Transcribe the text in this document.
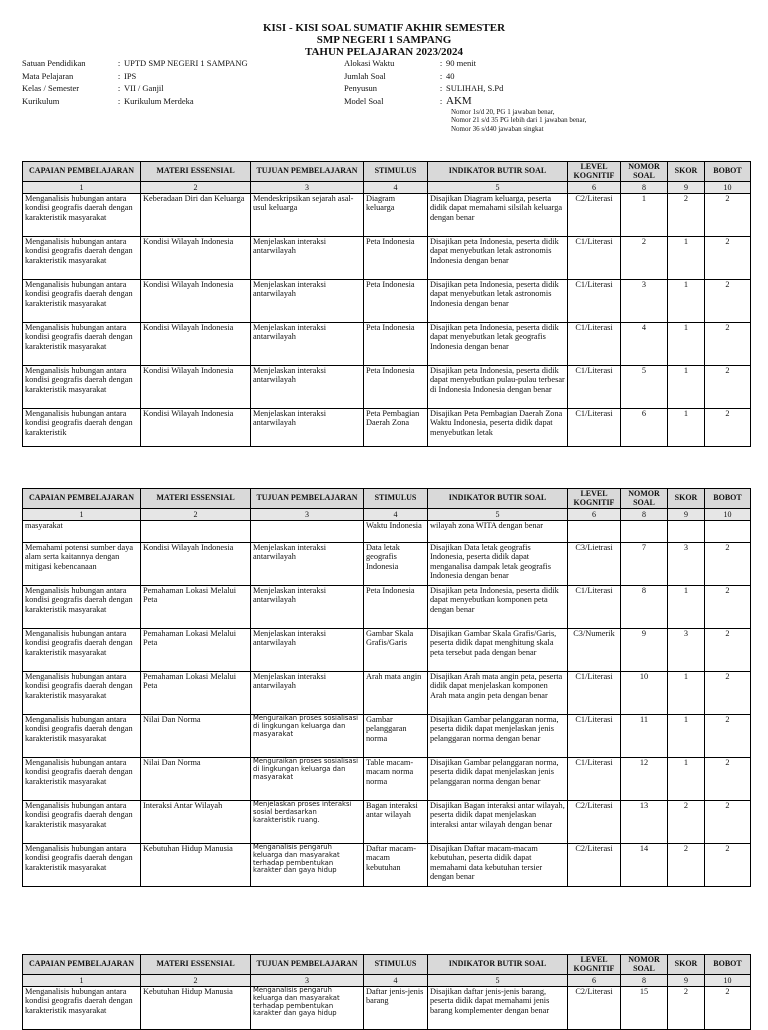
KISI - KISI SOAL SUMATIF AKHIR SEMESTER
SMP NEGERI 1 SAMPANG
TAHUN PELAJARAN 2023/2024
Satuan Pendidikan	: UPTD SMP NEGERI 1 SAMPANG
Mata Pelajaran	: IPS
Kelas / Semester	: VII / Ganjil
Kurikulum	: Kurikulum Merdeka
Alokasi Waktu	: 90 menit
Jumlah Soal	: 40
Penyusun	: SULIHAH, S.Pd
Model Soal	: AKM
Nomor 1s/d 20, PG 1 jawaban benar,
Nomor 21 s/d 35 PG lebih dari 1 jawaban benar,
Nomor 36 s/d40 jawaban singkat
CAPAIAN PEMBELAJARAN	MATERI ESSENSIAL	TUJUAN PEMBELAJARAN	STIMULUS	INDIKATOR BUTIR SOAL	LEVEL KOGNITIF	NOMOR SOAL	SKOR	BOBOT
1	2	3	4	5	6	8	9	10
Menganalisis hubungan antara kondisi geografis daerah dengan karakteristik masyarakat	Keberadaan Diri dan Keluarga	Mendeskripsikan sejarah asal-usul keluarga	Diagram keluarga	Disajikan Diagram keluarga, peserta didik dapat memahami silsilah keluarga dengan benar	C2/Literasi	1	2	2
Menganalisis hubungan antara kondisi geografis daerah dengan karakteristik masyarakat	Kondisi Wilayah Indonesia	Menjelaskan interaksi antarwilayah	Peta Indonesia	Disajikan peta Indonesia, peserta didik dapat menyebutkan letak astronomis Indonesia dengan benar	C1/Literasi	2	1	2
Menganalisis hubungan antara kondisi geografis daerah dengan karakteristik masyarakat	Kondisi Wilayah Indonesia	Menjelaskan interaksi antarwilayah	Peta Indonesia	Disajikan peta Indonesia, peserta didik dapat menyebutkan letak astronomis Indonesia dengan benar	C1/Literasi	3	1	2
Menganalisis hubungan antara kondisi geografis daerah dengan karakteristik masyarakat	Kondisi Wilayah Indonesia	Menjelaskan interaksi antarwilayah	Peta Indonesia	Disajikan peta Indonesia, peserta didik dapat menyebutkan letak geografis Indonesia dengan benar	C1/Literasi	4	1	2
Menganalisis hubungan antara kondisi geografis daerah dengan karakteristik masyarakat	Kondisi Wilayah Indonesia	Menjelaskan interaksi antarwilayah	Peta Indonesia	Disajikan peta Indonesia, peserta didik dapat menyebutkan pulau-pulau terbesar di Indonesia Indonesia dengan benar	C1/Literasi	5	1	2
Menganalisis hubungan antara kondisi geografis daerah dengan karakteristik	Kondisi Wilayah Indonesia	Menjelaskan interaksi antarwilayah	Peta Pembagian Daerah Zona	Disajikan Peta Pembagian Daerah Zona Waktu Indonesia, peserta didik dapat menyebutkan letak	C1/Literasi	6	1	2
CAPAIAN PEMBELAJARAN	MATERI ESSENSIAL	TUJUAN PEMBELAJARAN	STIMULUS	INDIKATOR BUTIR SOAL	LEVEL KOGNITIF	NOMOR SOAL	SKOR	BOBOT
1	2	3	4	5	6	8	9	10
masyarakat			Waktu Indonesia	wilayah zona WITA dengan benar				
Memahami potensi sumber daya alam serta kaitannya dengan mitigasi kebencanaan	Kondisi Wilayah Indonesia	Menjelaskan interaksi antarwilayah	Data letak geografis Indonesia	Disajikan Data letak geografis Indonesia, peserta didik dapat menganalisa dampak letak geografis Indonesia dengan benar	C3/Lietrasi	7	3	2
Menganalisis hubungan antara kondisi geografis daerah dengan karakteristik masyarakat	Pemahaman Lokasi Melalui Peta	Menjelaskan interaksi antarwilayah	Peta Indonesia	Disajikan peta Indonesia, peserta didik dapat menyebutkan komponen peta dengan benar	C1/Literasi	8	1	2
Menganalisis hubungan antara kondisi geografis daerah dengan karakteristik masyarakat	Pemahaman Lokasi Melalui Peta	Menjelaskan interaksi antarwilayah	Gambar Skala Grafis/Garis	Disajikan Gambar Skala Grafis/Garis, peserta didik dapat menghitung skala peta tersebut pada dengan benar	C3/Numerik	9	3	2
Menganalisis hubungan antara kondisi geografis daerah dengan karakteristik masyarakat	Pemahaman Lokasi Melalui Peta	Menjelaskan interaksi antarwilayah	Arah mata angin	Disajikan Arah mata angin peta, peserta didik dapat menjelaskan komponen Arah mata angin peta dengan benar	C1/Literasi	10	1	2
Menganalisis hubungan antara kondisi geografis daerah dengan karakteristik masyarakat	Nilai Dan Norma	Menguraikan proses sosialisasi di lingkungan keluarga dan masyarakat	Gambar pelanggaran norma	Disajikan Gambar pelanggaran norma, peserta didik dapat menjelaskan jenis pelanggaran norma dengan benar	C1/Literasi	11	1	2
Menganalisis hubungan antara kondisi geografis daerah dengan karakteristik masyarakat	Nilai Dan Norma	Menguraikan proses sosialisasi di lingkungan keluarga dan masyarakat	Table macam-macam norma norma	Disajikan Gambar pelanggaran norma, peserta didik dapat menjelaskan jenis pelanggaran norma dengan benar	C1/Literasi	12	1	2
Menganalisis hubungan antara kondisi geografis daerah dengan karakteristik masyarakat	Interaksi Antar Wilayah	Menjelaskan proses interaksi sosial berdasarkan karakteristik ruang.	Bagan interaksi antar wilayah	Disajikan Bagan interaksi antar wilayah, peserta didik dapat menjelaskan interaksi antar wilayah dengan benar	C2/Literasi	13	2	2
Menganalisis hubungan antara kondisi geografis daerah dengan karakteristik masyarakat	Kebutuhan Hidup Manusia	Menganalisis pengaruh keluarga dan masyarakat terhadap pembentukan karakter dan gaya hidup	Daftar macam-macam kebutuhan	Disajikan Daftar macam-macam kebutuhan, peserta didik dapat memahami data kebutuhan tersier dengan benar	C2/Literasi	14	2	2
CAPAIAN PEMBELAJARAN	MATERI ESSENSIAL	TUJUAN PEMBELAJARAN	STIMULUS	INDIKATOR BUTIR SOAL	LEVEL KOGNITIF	NOMOR SOAL	SKOR	BOBOT
1	2	3	4	5	6	8	9	10
Menganalisis hubungan antara kondisi geografis daerah dengan karakteristik masyarakat	Kebutuhan Hidup Manusia	Menganalisis pengaruh keluarga dan masyarakat terhadap pembentukan karakter dan gaya hidup	Daftar jenis-jenis barang	Disajikan daftar jenis-jenis barang, peserta didik dapat memahami jenis barang komplementer dengan benar	C2/Literasi	15	2	2
